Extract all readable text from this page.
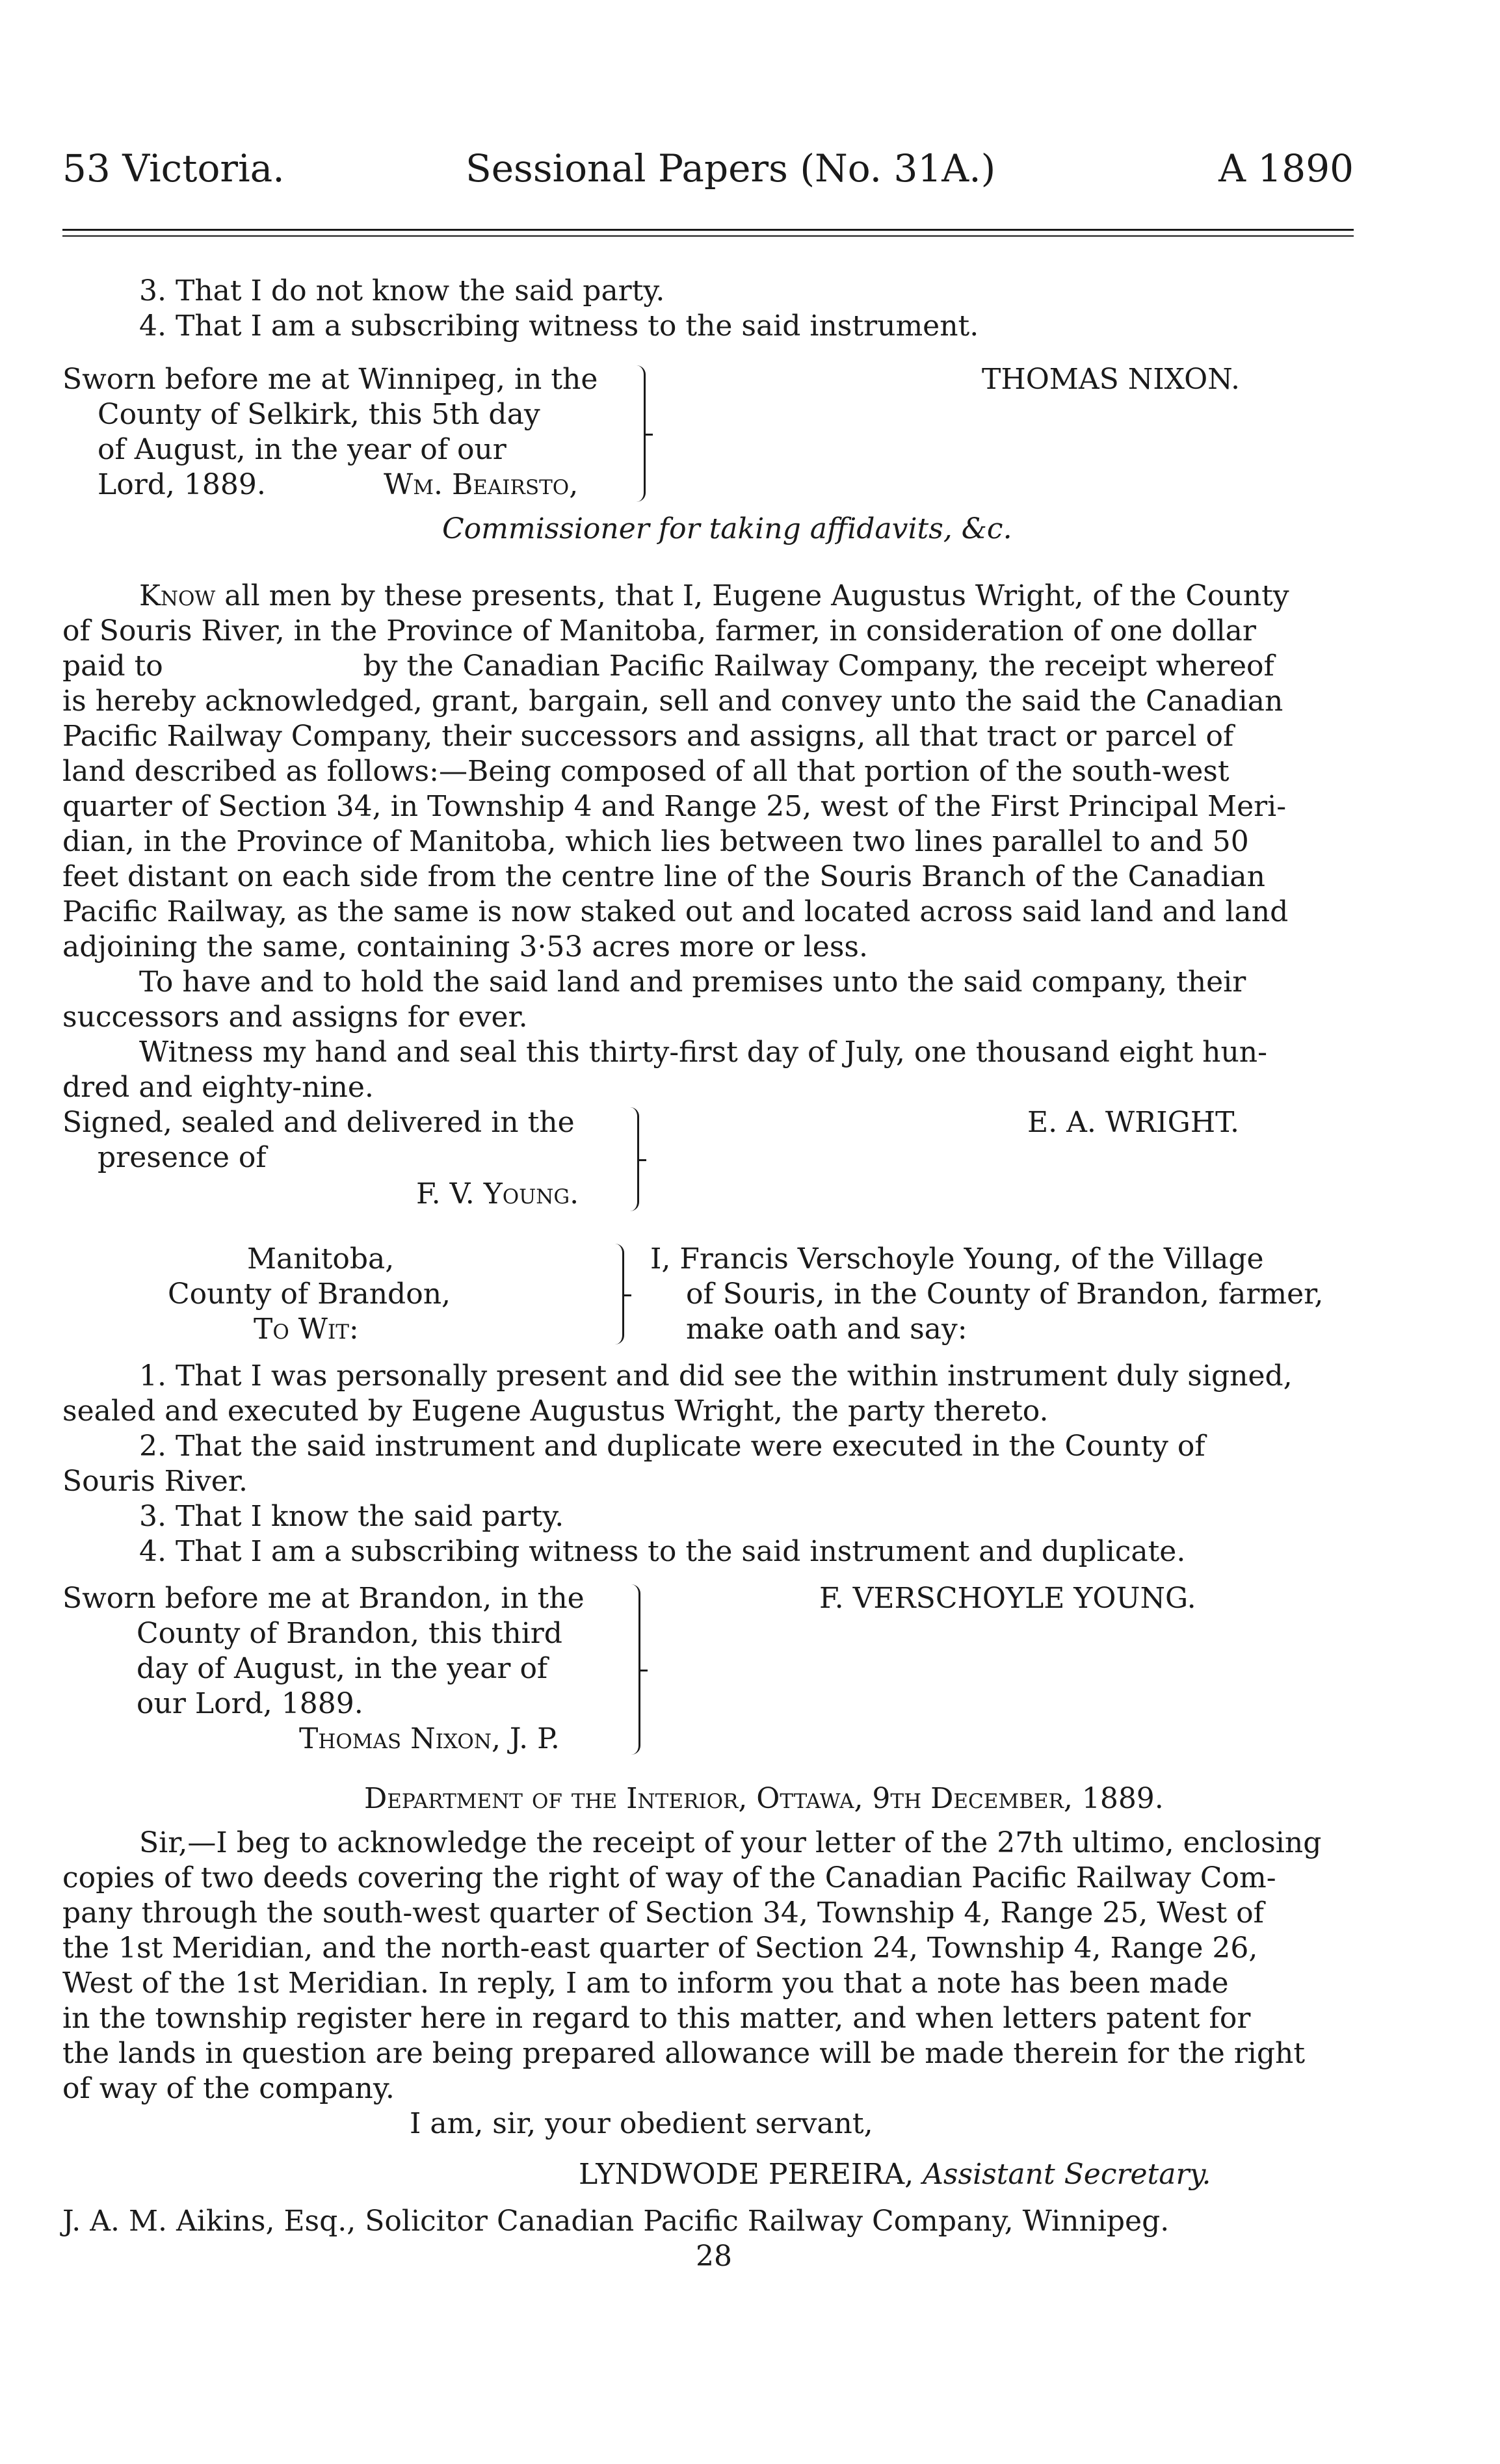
53 Victoria.	Sessional Papers (No. 31A.)	A 1890
3. That I do not know the said party.
4. That I am a subscribing witness to the said instrument.
Sworn before me at Winnipeg, in the
County of Selkirk, this 5th day
of August, in the year of our
Lord, 1889.	Wm. Beairsto,
THOMAS NIXON.
Commissioner for taking affidavits, &c.
Know all men by these presents, that I, Eugene Augustus Wright, of the County
of Souris River, in the Province of Manitoba, farmer, in consideration of one dollar
paid to                      by the Canadian Pacific Railway Company, the receipt whereof
is hereby acknowledged, grant, bargain, sell and convey unto the said the Canadian
Pacific Railway Company, their successors and assigns, all that tract or parcel of
land described as follows:—Being composed of all that portion of the south-west
quarter of Section 34, in Township 4 and Range 25, west of the First Principal Meri-
dian, in the Province of Manitoba, which lies between two lines parallel to and 50
feet distant on each side from the centre line of the Souris Branch of the Canadian
Pacific Railway, as the same is now staked out and located across said land and land
adjoining the same, containing 3·53 acres more or less.
To have and to hold the said land and premises unto the said company, their
successors and assigns for ever.
Witness my hand and seal this thirty-first day of July, one thousand eight hun-
dred and eighty-nine.
Signed, sealed and delivered in the
presence of
F. V. Young.
E. A. WRIGHT.
Manitoba,
County of Brandon,
To Wit:
I, Francis Verschoyle Young, of the Village
of Souris, in the County of Brandon, farmer,
make oath and say:
1. That I was personally present and did see the within instrument duly signed,
sealed and executed by Eugene Augustus Wright, the party thereto.
2. That the said instrument and duplicate were executed in the County of
Souris River.
3. That I know the said party.
4. That I am a subscribing witness to the said instrument and duplicate.
Sworn before me at Brandon, in the
County of Brandon, this third
day of August, in the year of
our Lord, 1889.
Thomas Nixon, J. P.
F. VERSCHOYLE YOUNG.
Department of the Interior, Ottawa, 9th December, 1889.
Sir,—I beg to acknowledge the receipt of your letter of the 27th ultimo, enclosing
copies of two deeds covering the right of way of the Canadian Pacific Railway Com-
pany through the south-west quarter of Section 34, Township 4, Range 25, West of
the 1st Meridian, and the north-east quarter of Section 24, Township 4, Range 26,
West of the 1st Meridian. In reply, I am to inform you that a note has been made
in the township register here in regard to this matter, and when letters patent for
the lands in question are being prepared allowance will be made therein for the right
of way of the company.
I am, sir, your obedient servant,
LYNDWODE PEREIRA, Assistant Secretary.
J. A. M. Aikins, Esq., Solicitor Canadian Pacific Railway Company, Winnipeg.
28
